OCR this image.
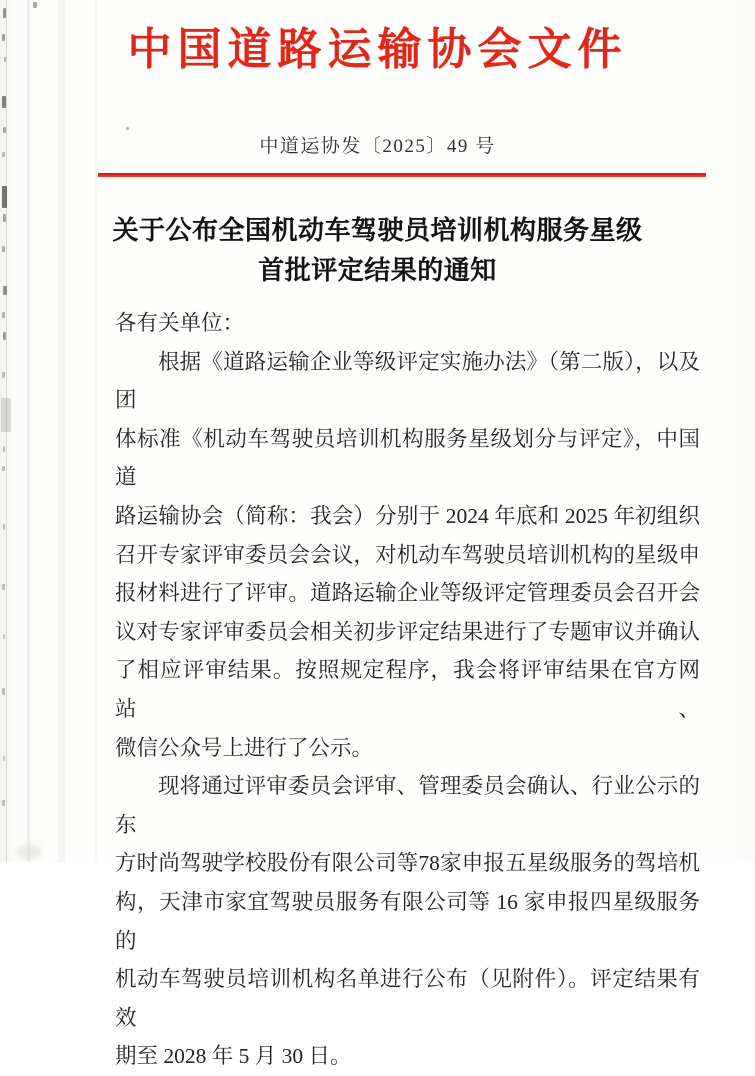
中国道路运输协会文件
中道运协发〔2025〕49 号
关于公布全国机动车驾驶员培训机构服务星级
首批评定结果的通知
各有关单位：
根据《道路运输企业等级评定实施办法》（第二版），以及团
体标准《机动车驾驶员培训机构服务星级划分与评定》，中国道
路运输协会（简称：我会）分别于 2024 年底和 2025 年初组织
召开专家评审委员会会议，对机动车驾驶员培训机构的星级申
报材料进行了评审。道路运输企业等级评定管理委员会召开会
议对专家评审委员会相关初步评定结果进行了专题审议并确认
了相应评审结果。按照规定程序，我会将评审结果在官方网站、
微信公众号上进行了公示。
现将通过评审委员会评审、管理委员会确认、行业公示的东
方时尚驾驶学校股份有限公司等78家申报五星级服务的驾培机
构，天津市家宜驾驶员服务有限公司等 16 家申报四星级服务的
机动车驾驶员培训机构名单进行公布（见附件）。评定结果有效
期至 2028 年 5 月 30 日。
